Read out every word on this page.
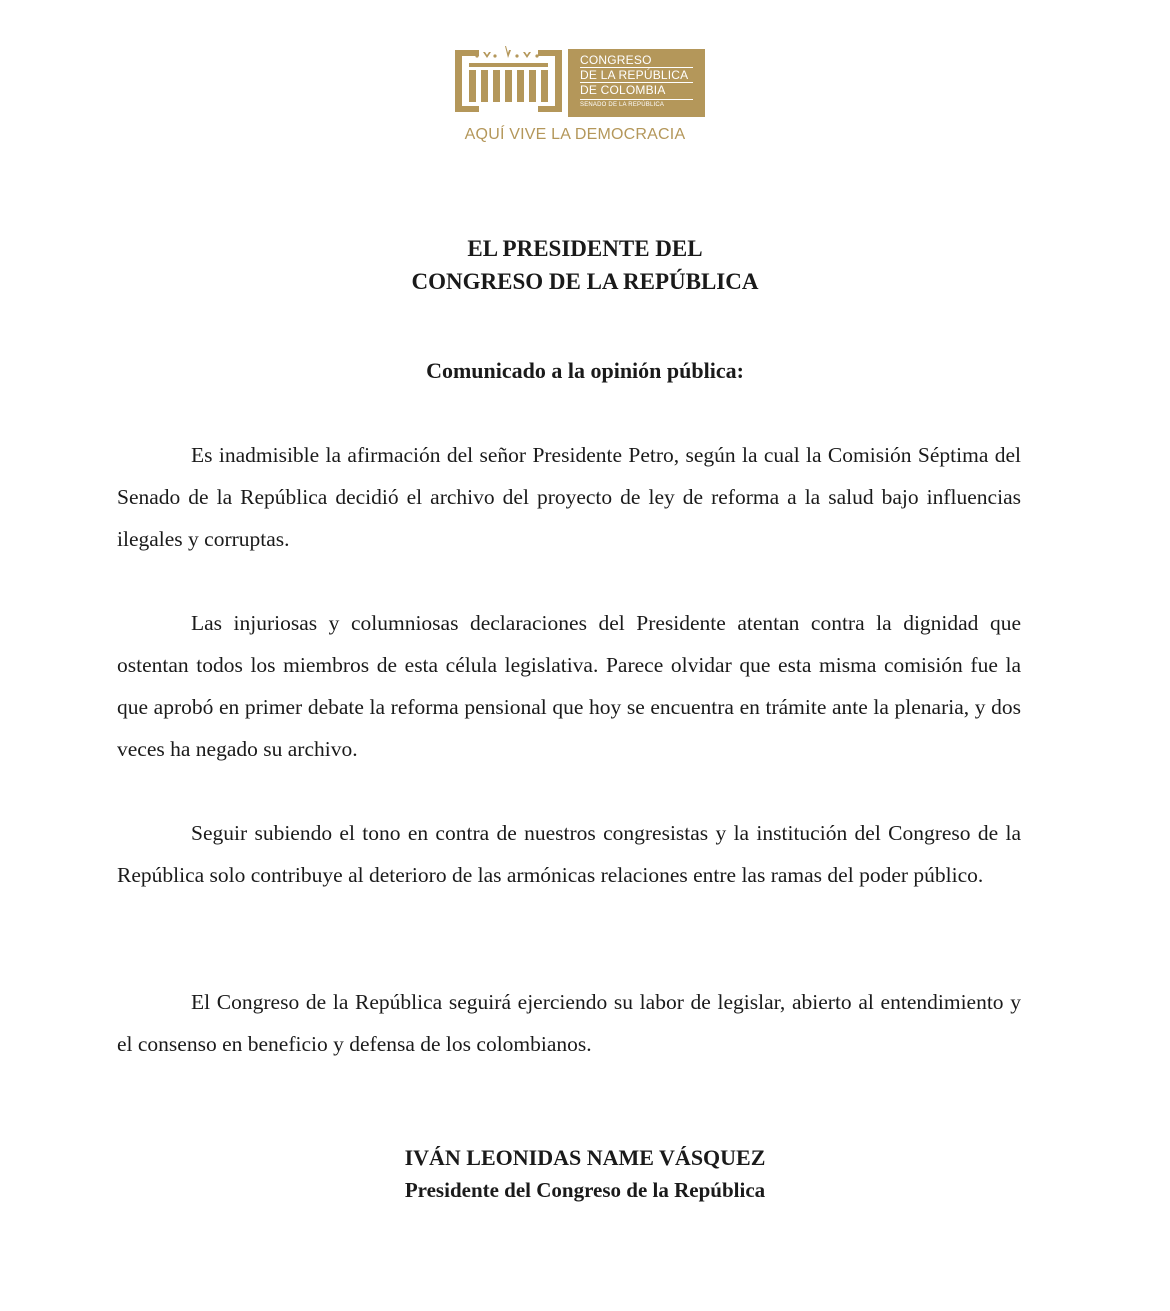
CONGRESO
DE LA REPÚBLICA
DE COLOMBIA
SENADO DE LA REPÚBLICA
AQUÍ VIVE LA DEMOCRACIA
EL PRESIDENTE DEL
CONGRESO DE LA REPÚBLICA
Comunicado a la opinión pública:

Es inadmisible la afirmación del señor Presidente Petro, según la cual la Comisión Séptima del Senado de la República decidió el archivo del proyecto de ley de reforma a la salud bajo influencias ilegales y corruptas.

Las injuriosas y columniosas declaraciones del Presidente atentan contra la dignidad que ostentan todos los miembros de esta célula legislativa. Parece olvidar que esta misma comisión fue la que aprobó en primer debate la reforma pensional que hoy se encuentra en trámite ante la plenaria, y dos veces ha negado su archivo.

Seguir subiendo el tono en contra de nuestros congresistas y la institución del Congreso de la República solo contribuye al deterioro de las armónicas relaciones entre las ramas del poder público.

El Congreso de la República seguirá ejerciendo su labor de legislar, abierto al entendimiento y el consenso en beneficio y defensa de los colombianos.

IVÁN LEONIDAS NAME VÁSQUEZ
Presidente del Congreso de la República
